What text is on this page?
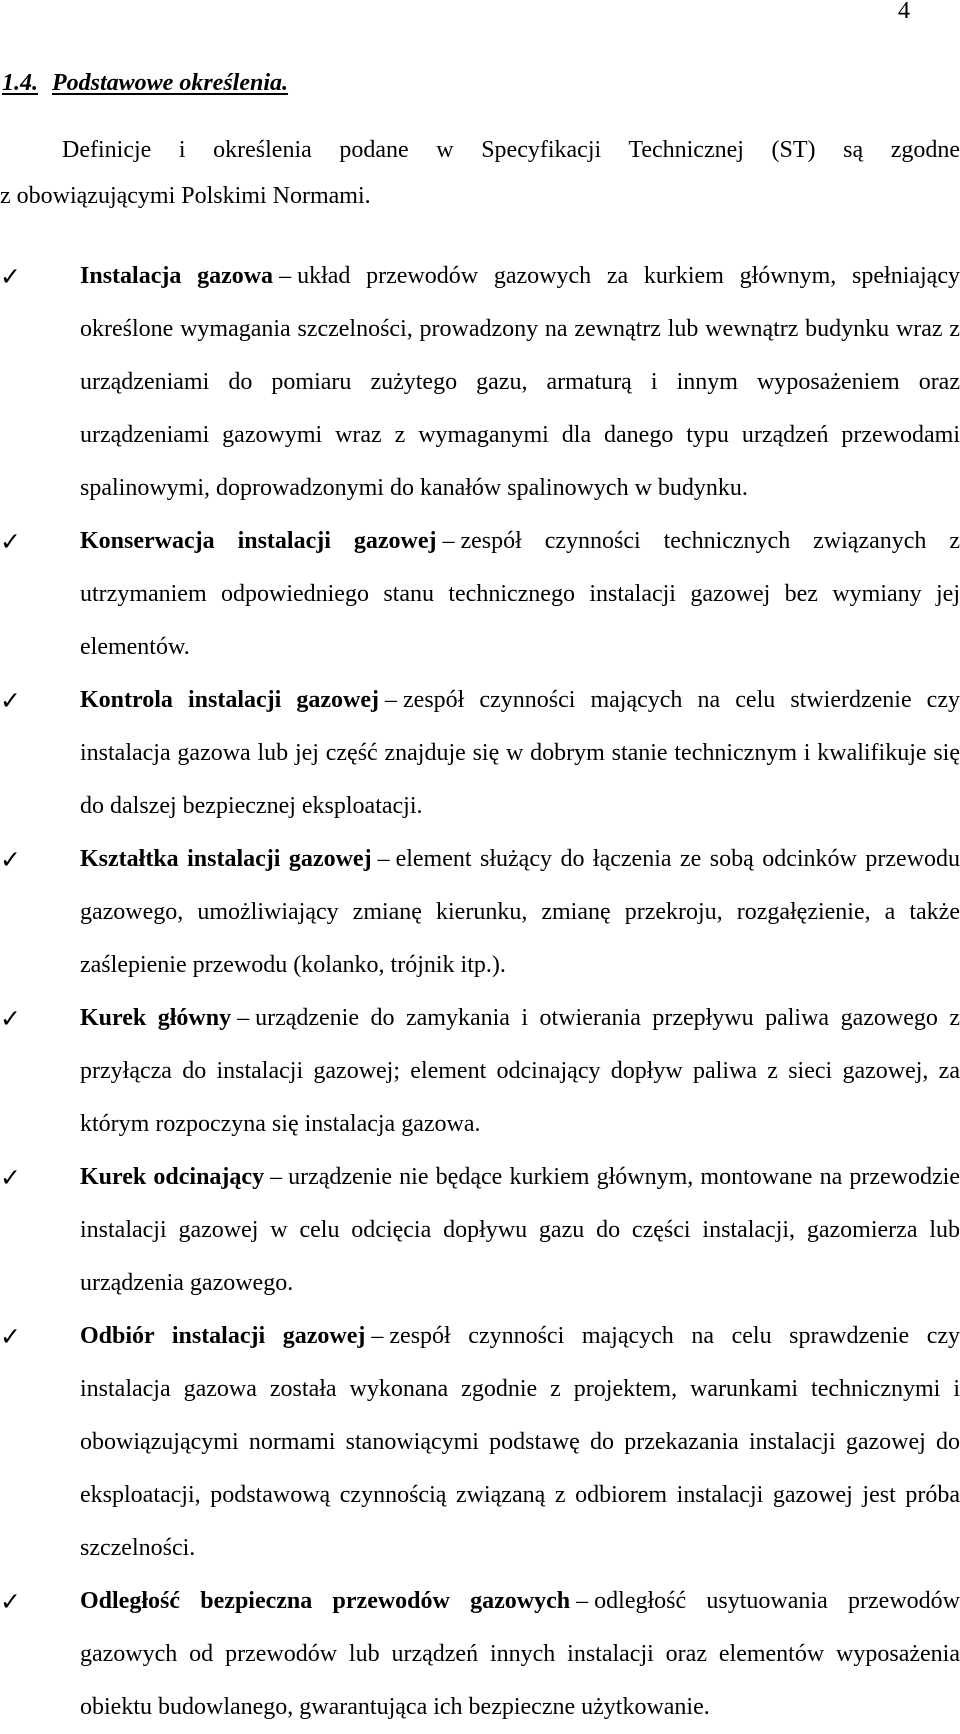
4
1.4. Podstawowe określenia.
Definicje i określenia podane w Specyfikacji Technicznej (ST) są zgodne
z obowiązującymi Polskimi Normami.
✓	Instalacja gazowa – układ przewodów gazowych za kurkiem głównym, spełniający określone wymagania szczelności, prowadzony na zewnątrz lub wewnątrz budynku wraz z urządzeniami do pomiaru zużytego gazu, armaturą i innym wyposażeniem oraz urządzeniami gazowymi wraz z wymaganymi dla danego typu urządzeń przewodami spalinowymi, doprowadzonymi do kanałów spalinowych w budynku.
✓	Konserwacja instalacji gazowej – zespół czynności technicznych związanych z utrzymaniem odpowiedniego stanu technicznego instalacji gazowej bez wymiany jej elementów.
✓	Kontrola instalacji gazowej – zespół czynności mających na celu stwierdzenie czy instalacja gazowa lub jej część znajduje się w dobrym stanie technicznym i kwalifikuje się do dalszej bezpiecznej eksploatacji.
✓	Kształtka instalacji gazowej – element służący do łączenia ze sobą odcinków przewodu gazowego, umożliwiający zmianę kierunku, zmianę przekroju, rozgałęzienie, a także zaślepienie przewodu (kolanko, trójnik itp.).
✓	Kurek główny – urządzenie do zamykania i otwierania przepływu paliwa gazowego z przyłącza do instalacji gazowej; element odcinający dopływ paliwa z sieci gazowej, za którym rozpoczyna się instalacja gazowa.
✓	Kurek odcinający – urządzenie nie będące kurkiem głównym, montowane na przewodzie instalacji gazowej w celu odcięcia dopływu gazu do części instalacji, gazomierza lub urządzenia gazowego.
✓	Odbiór instalacji gazowej – zespół czynności mających na celu sprawdzenie czy instalacja gazowa została wykonana zgodnie z projektem, warunkami technicznymi i obowiązującymi normami stanowiącymi podstawę do przekazania instalacji gazowej do eksploatacji, podstawową czynnością związaną z odbiorem instalacji gazowej jest próba szczelności.
✓	Odległość bezpieczna przewodów gazowych – odległość usytuowania przewodów gazowych od przewodów lub urządzeń innych instalacji oraz elementów wyposażenia obiektu budowlanego, gwarantująca ich bezpieczne użytkowanie.
